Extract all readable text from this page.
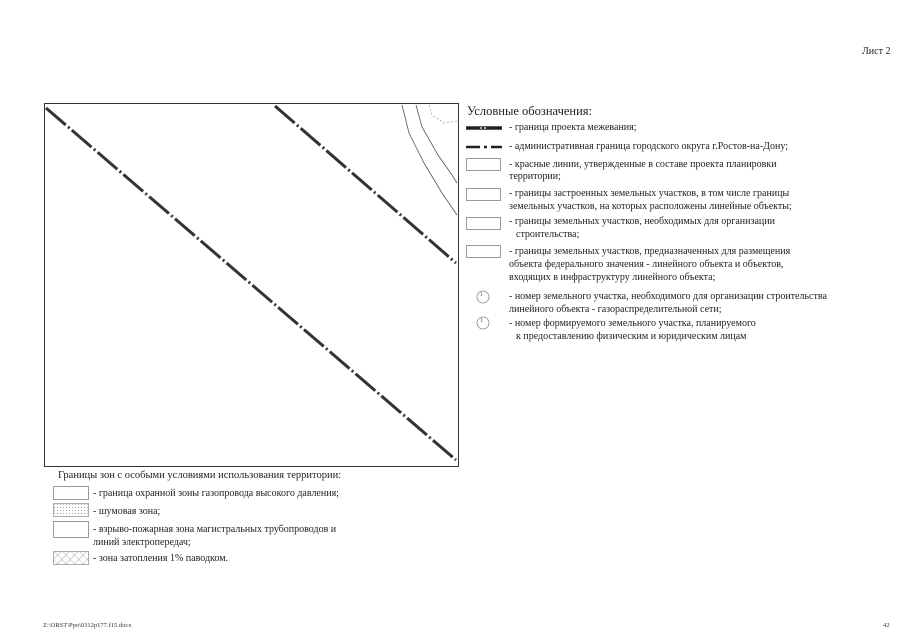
Лист 2
Условные обозначения:
1
1
- граница проекта межевания;
- административная граница городского округа г.Ростов-на-Дону;
- красные линии, утвержденные в составе проекта планировки
территории;
- границы застроенных земельных участков, в том числе границы
земельных участков, на которых расположены линейные объекты;
- границы земельных участков, необходимых для организации
строительства;
- границы земельных участков, предназначенных для размещения
объекта федерального значения - линейного объекта и объектов,
входящих в инфраструктуру линейного объекта;
- номер земельного участка, необходимого для организации строительства
линейного объекта - газораспределительной сети;
- номер формируемого земельного участка, планируемого
к предоставлению физическим и юридическим лицам
Границы зон с особыми условиями использования территории:
- граница охранной зоны газопровода высокого давления;
- шумовая зона;
- взрыво-пожарная зона магистральных трубопроводов и
линий электропередач;
- зона затопления 1% паводком.
Z:\ORST\Ppo\0312p177.f15.docx	42
